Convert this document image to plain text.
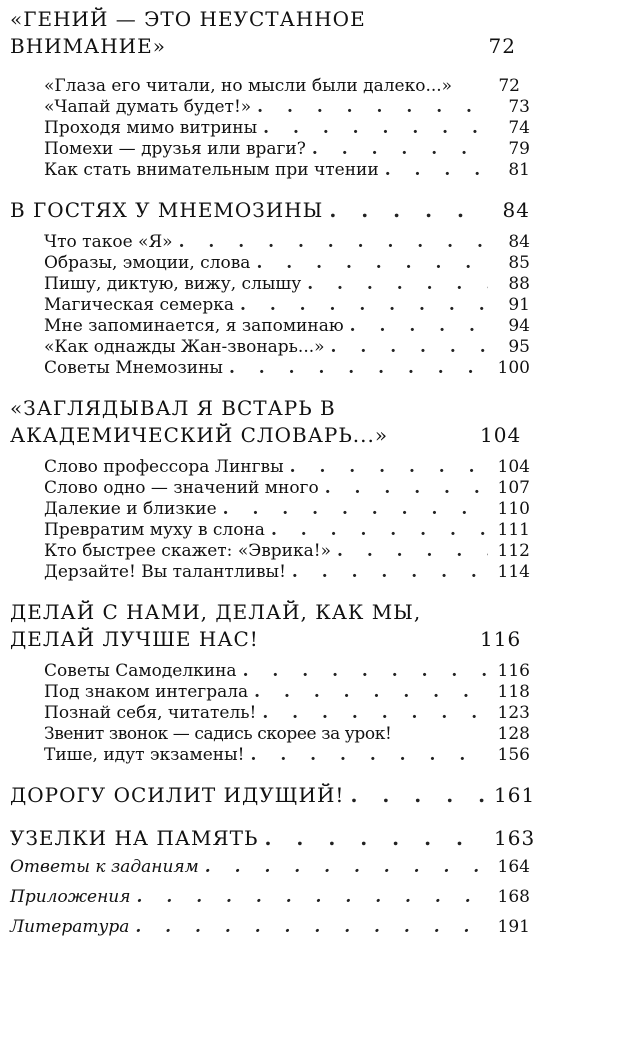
«ГЕНИЙ — ЭТО НЕУСТАННОЕ ВНИМАНИЕ»	72
«Глаза его читали, но мысли были далеко...»	72
«Чапай думать будет!» . . .	73
Проходя мимо витрины . . .	74
Помехи — друзья или враги? . . .	79
Как стать внимательным при чтении . . .	81
В ГОСТЯХ У МНЕМОЗИНЫ . . .	84
Что такое «Я» . . .	84
Образы, эмоции, слова . . .	85
Пишу, диктую, вижу, слышу . . .	88
Магическая семерка . . .	91
Мне запоминается, я запоминаю . . .	94
«Как однажды Жан-звонарь...» . . .	95
Советы Мнемозины . . .	100
«ЗАГЛЯДЫВАЛ Я ВСТАРЬ В АКАДЕМИЧЕСКИЙ СЛОВАРЬ...»	104
Слово профессора Лингвы . . .	104
Слово одно — значений много . . .	107
Далекие и близкие . . .	110
Превратим муху в слона . . .	111
Кто быстрее скажет: «Эврика!» . . .	112
Дерзайте! Вы талантливы! . . .	114
ДЕЛАЙ С НАМИ, ДЕЛАЙ, КАК МЫ, ДЕЛАЙ ЛУЧШЕ НАС!	116
Советы Самоделкина . . .	116
Под знаком интеграла . . .	118
Познай себя, читатель! . . .	123
Звенит звонок — садись скорее за урок!	128
Тише, идут экзамены! . . .	156
ДОРОГУ ОСИЛИТ ИДУЩИЙ! . . .	161
УЗЕЛКИ НА ПАМЯТЬ . . .	163
Ответы к заданиям . . .	164
Приложения . . .	168
Литература . . .	191
